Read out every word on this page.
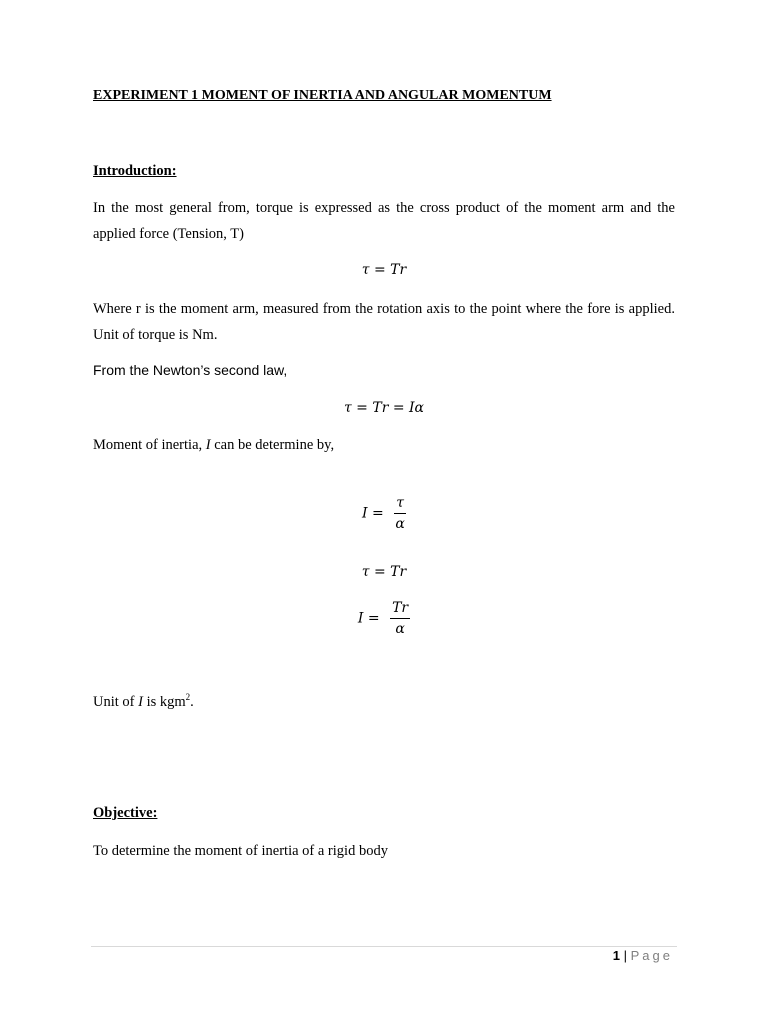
EXPERIMENT 1 MOMENT OF INERTIA AND ANGULAR MOMENTUM
Introduction:
In the most general from, torque is expressed as the cross product of the moment arm and the applied force (Tension, T)
τ = Tr
Where r is the moment arm, measured from the rotation axis to the point where the fore is applied. Unit of torque is Nm.
From the Newton’s second law,
τ = Tr = Iα
Moment of inertia, I can be determine by,
$I = \frac{\tau}{\alpha}$
τ = Tr
$I = \frac{Tr}{\alpha}$
Unit of I is kgm$^2$.
Objective:
To determine the moment of inertia of a rigid body
1 | Page
